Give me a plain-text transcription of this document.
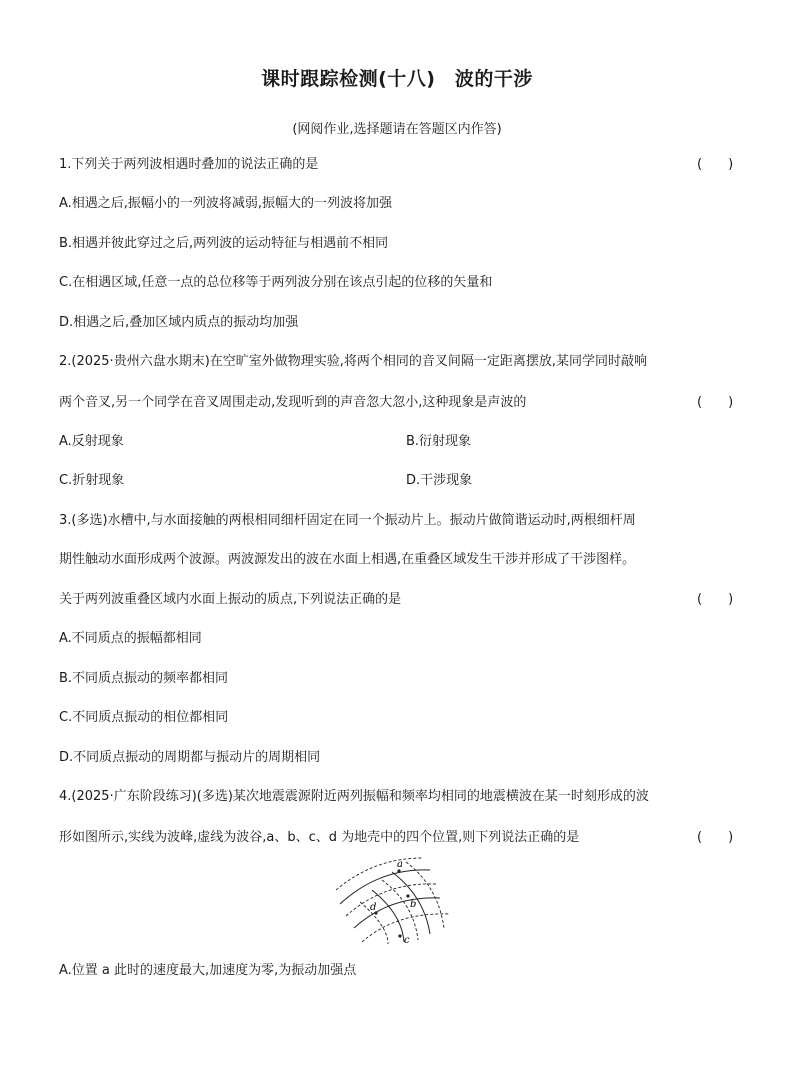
课时跟踪检测(十八)　波的干涉
(网阅作业,选择题请在答题区内作答)
1.下列关于两列波相遇时叠加的说法正确的是	(　　)
A.相遇之后,振幅小的一列波将减弱,振幅大的一列波将加强
B.相遇并彼此穿过之后,两列波的运动特征与相遇前不相同
C.在相遇区域,任意一点的总位移等于两列波分别在该点引起的位移的矢量和
D.相遇之后,叠加区域内质点的振动均加强
2.(2025·贵州六盘水期末)在空旷室外做物理实验,将两个相同的音叉间隔一定距离摆放,某同学同时敲响
两个音叉,另一个同学在音叉周围走动,发现听到的声音忽大忽小,这种现象是声波的	(　　)
A.反射现象	B.衍射现象
C.折射现象	D.干涉现象
3.(多选)水槽中,与水面接触的两根相同细杆固定在同一个振动片上。振动片做简谐运动时,两根细杆周
期性触动水面形成两个波源。两波源发出的波在水面上相遇,在重叠区域发生干涉并形成了干涉图样。
关于两列波重叠区域内水面上振动的质点,下列说法正确的是	(　　)
A.不同质点的振幅都相同
B.不同质点振动的频率都相同
C.不同质点振动的相位都相同
D.不同质点振动的周期都与振动片的周期相同
4.(2025·广东阶段练习)(多选)某次地震震源附近两列振幅和频率均相同的地震横波在某一时刻形成的波
形如图所示,实线为波峰,虚线为波谷,a、b、c、d 为地壳中的四个位置,则下列说法正确的是	(　　)
a
b
c
d
A.位置 a 此时的速度最大,加速度为零,为振动加强点
